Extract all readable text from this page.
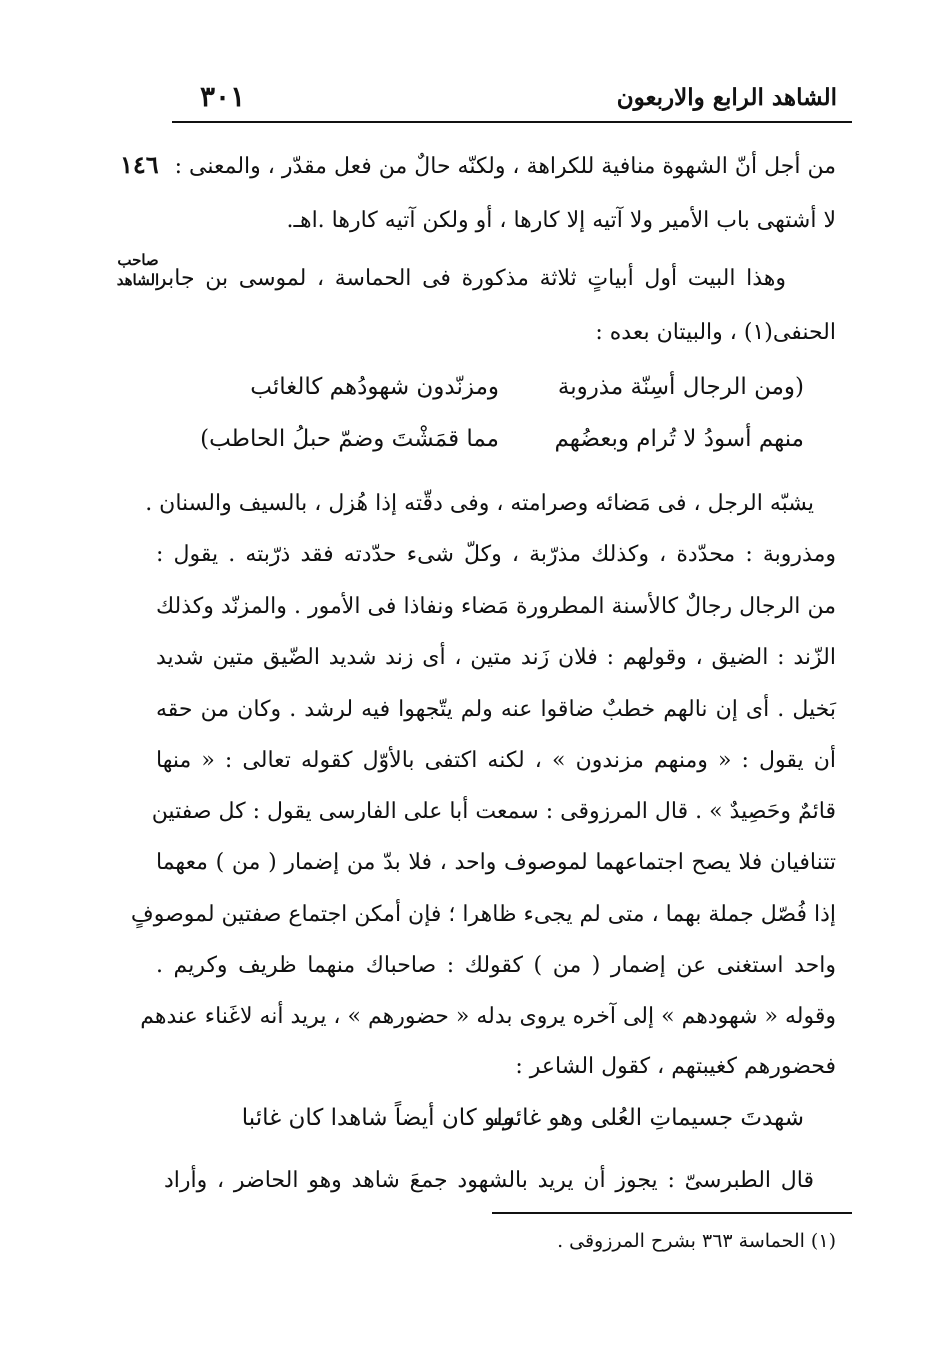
الشاهد الرابع والاربعون
٣٠١
١٤٦
صاحب الشاهد
من أجل أنّ الشهوة منافية للكراهة ، ولكنّه حالٌ من فعل مقدّر ، والمعنى :
لا أشتهى باب الأمير ولا آتيه إلا كارها ، أو ولكن آتيه كارها .اهـ.
وهذا البيت أول أبياتٍ ثلاثة مذكورة فى الحماسة ، لموسى بن جابر
الحنفى(١) ، والبيتان بعده :
(ومن الرجال أسِنّة مذروبة
ومزنّدون شهودُهم كالغائب
منهم أسودُ لا تُرام وبعضُهم
مما قمَشْتَ وضمّ حبلُ الحاطب)
يشبّه الرجل ، فى مَضائه وصرامته ، وفى دقّته إذا هُزل ، بالسيف والسنان .
ومذروبة : محدّدة ، وكذلك مذرّبة ، وكلّ شىء حدّدته فقد ذرّبته . يقول :
من الرجال رجالٌ كالأسنة المطرورة مَضاء ونفاذا فى الأمور . والمزنّد وكذلك
الزّند : الضيق ، وقولهم : فلان زَند متين ، أى زند شديد الضّيق متين شديد
بَخيل . أى إن نالهم خطبٌ ضاقوا عنه ولم يتّجهوا فيه لرشد . وكان من حقه
أن يقول : « ومنهم مزندون » ، لكنه اكتفى بالأوّل كقوله تعالى : « منها
قائمٌ وحَصِيدٌ » . قال المرزوقى : سمعت أبا على الفارسى يقول : كل صفتين
تتنافيان فلا يصح اجتماعهما لموصوف واحد ، فلا بدّ من إضمار ( من ) معهما
إذا فُصّل جملة بهما ، متى لم يجىء ظاهرا ؛ فإن أمكن اجتماع صفتين لموصوفٍ
واحد استغنى عن إضمار ( من ) كقولك : صاحباك منهما ظريف وكريم .
وقوله « شهودهم » إلى آخره يروى بدله « حضورهم » ، يريد أنه لاغَناء عندهم
فحضورهم كغيبتهم ، كقول الشاعر :
شهدتَ جسيماتِ العُلى وهو غائب
ولو كان أيضاً شاهدا كان غائبا
قال الطبرسىّ : يجوز أن يريد بالشهود جمعَ شاهد وهو الحاضر ، وأراد
(١) الحماسة ٣٦٣ بشرح المرزوقى .
